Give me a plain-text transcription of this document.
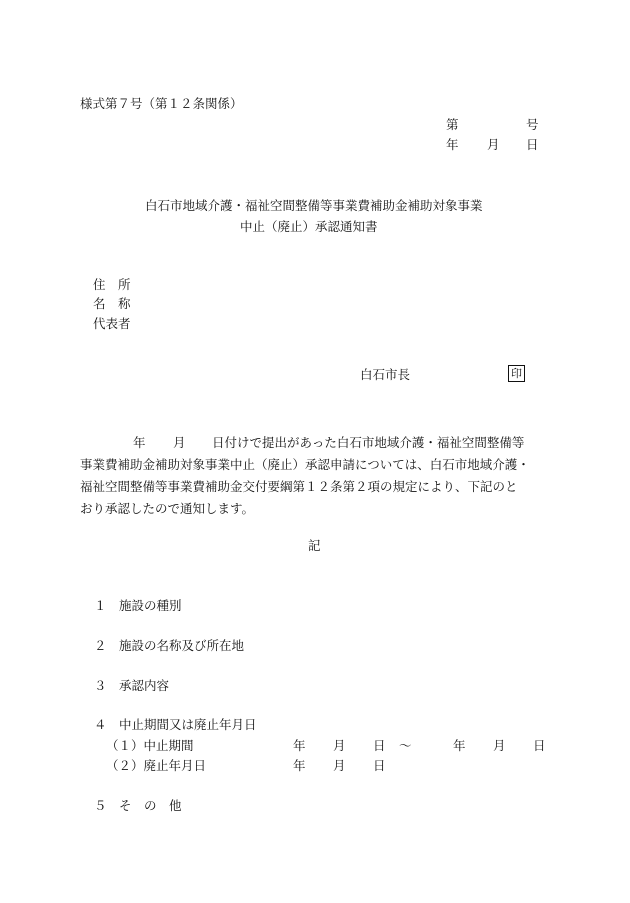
様式第７号（第１２条関係）
第	号
年 月 日
白石市地域介護・福祉空間整備等事業費補助金補助対象事業
中止（廃止）承認通知書
住　所
名　称
代表者
白石市長	印
年 月 日付けで提出があった白石市地域介護・福祉空間整備等
事業費補助金補助対象事業中止（廃止）承認申請については、白石市地域介護・
福祉空間整備等事業費補助金交付要綱第１２条第２項の規定により、下記のと
おり承認したので通知します。
記
１ 施設の種別
２ 施設の名称及び所在地
３ 承認内容
４ 中止期間又は廃止年月日
（１）中止期間	年 月 日 ～	年 月 日
（２）廃止年月日	年 月 日
５ そ　の　他
